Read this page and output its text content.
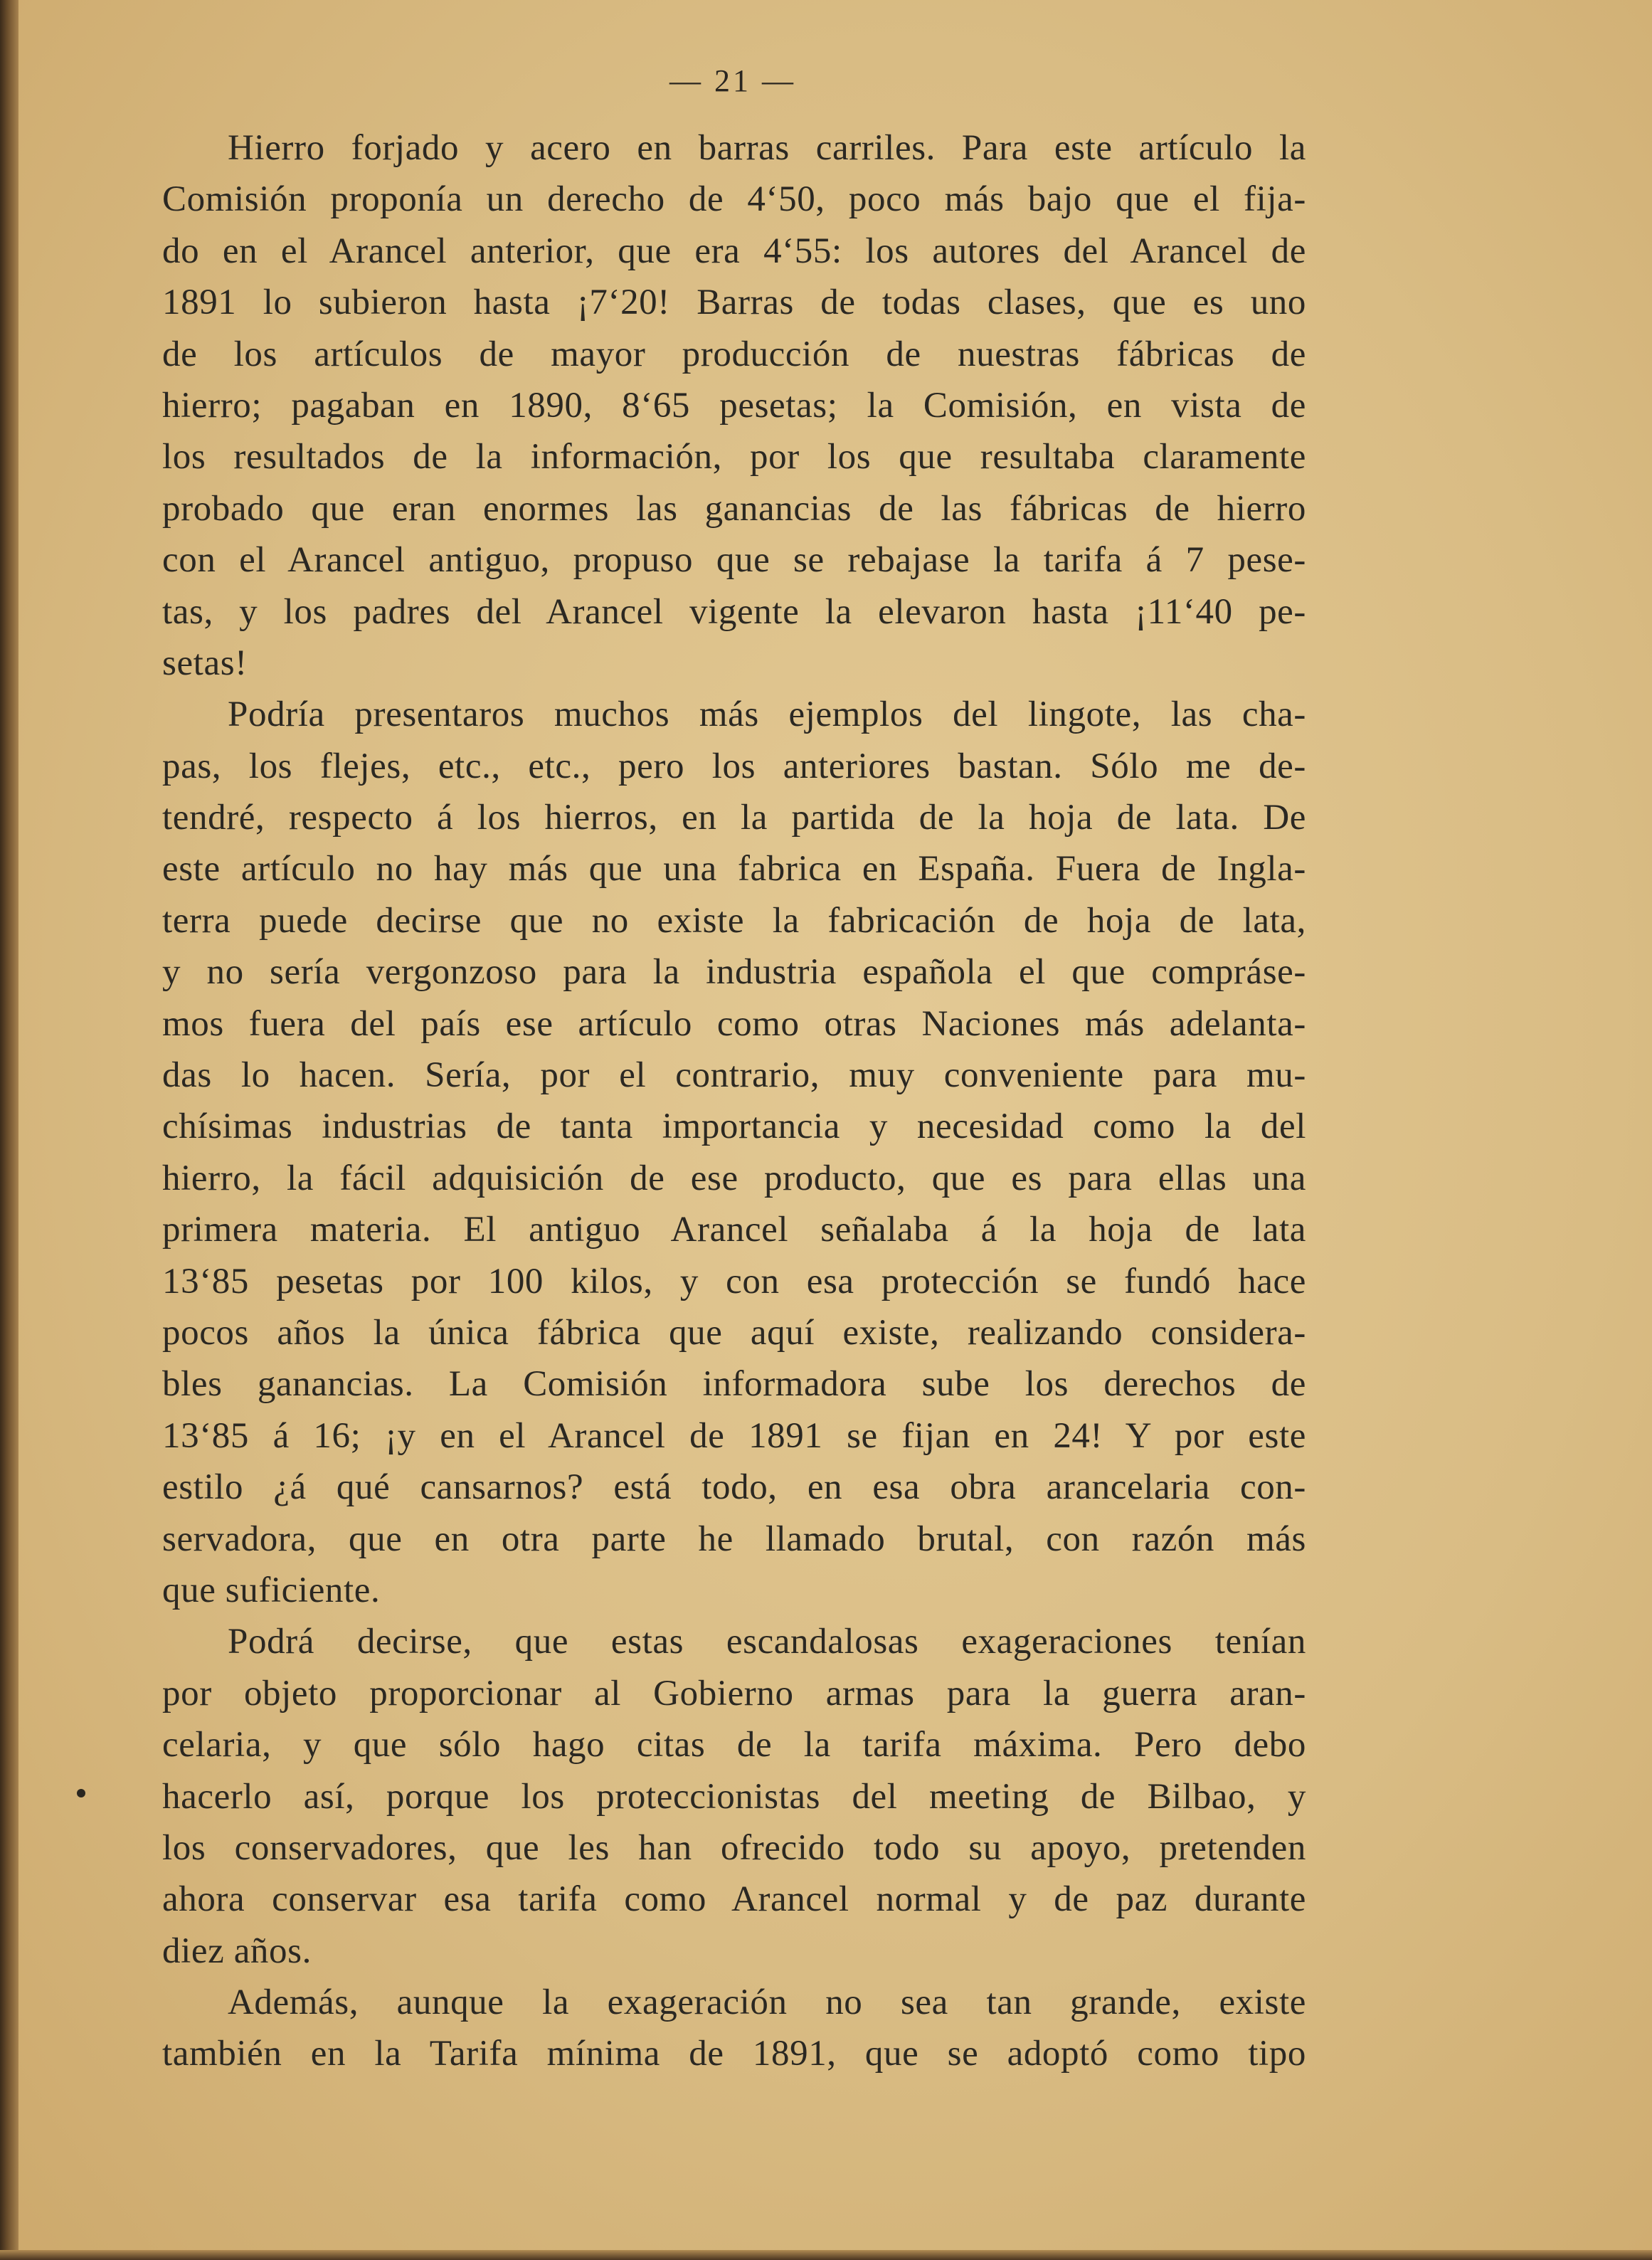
— 21 —
Hierro forjado y acero en barras carriles. Para este artículo la
Comisión proponía un derecho de 4‘50, poco más bajo que el fija-
do en el Arancel anterior, que era 4‘55: los autores del Arancel de
1891 lo subieron hasta ¡7‘20! Barras de todas clases, que es uno
de los artículos de mayor producción de nuestras fábricas de
hierro; pagaban en 1890, 8‘65 pesetas; la Comisión, en vista de
los resultados de la información, por los que resultaba claramente
probado que eran enormes las ganancias de las fábricas de hierro
con el Arancel antiguo, propuso que se rebajase la tarifa á 7 pese-
tas, y los padres del Arancel vigente la elevaron hasta ¡11‘40 pe-
setas!
Podría presentaros muchos más ejemplos del lingote, las cha-
pas, los flejes, etc., etc., pero los anteriores bastan. Sólo me de-
tendré, respecto á los hierros, en la partida de la hoja de lata. De
este artículo no hay más que una fabrica en España. Fuera de Inglа-
terra puede decirse que no existe la fabricación de hoja de lata,
y no sería vergonzoso para la industria española el que compráse-
mos fuera del país ese artículo como otras Naciones más adelanta-
das lo hacen. Sería, por el contrario, muy conveniente para mu-
chísimas industrias de tanta importancia y necesidad como la del
hierro, la fácil adquisición de ese producto, que es para ellas una
primera materia. El antiguo Arancel señalaba á la hoja de lata
13‘85 pesetas por 100 kilos, y con esa protección se fundó hace
pocos años la única fábrica que aquí existe, realizando considera-
bles ganancias. La Comisión informadora sube los derechos de
13‘85 á 16; ¡y en el Arancel de 1891 se fijan en 24! Y por este
estilo ¿á qué cansarnos? está todo, en esa obra arancelaria con-
servadora, que en otra parte he llamado brutal, con razón más
que suficiente.
Podrá decirse, que estas escandalosas exageraciones tenían
por objeto proporcionar al Gobierno armas para la guerra aran-
celaria, y que sólo hago citas de la tarifa máxima. Pero debo
hacerlo así, porque los proteccionistas del meeting de Bilbao, y
los conservadores, que les han ofrecido todo su apoyo, pretenden
ahora conservar esa tarifa como Arancel normal y de paz durante
diez años.
Además, aunque la exageración no sea tan grande, existe
también en la Tarifa mínima de 1891, que se adoptó como tipo
